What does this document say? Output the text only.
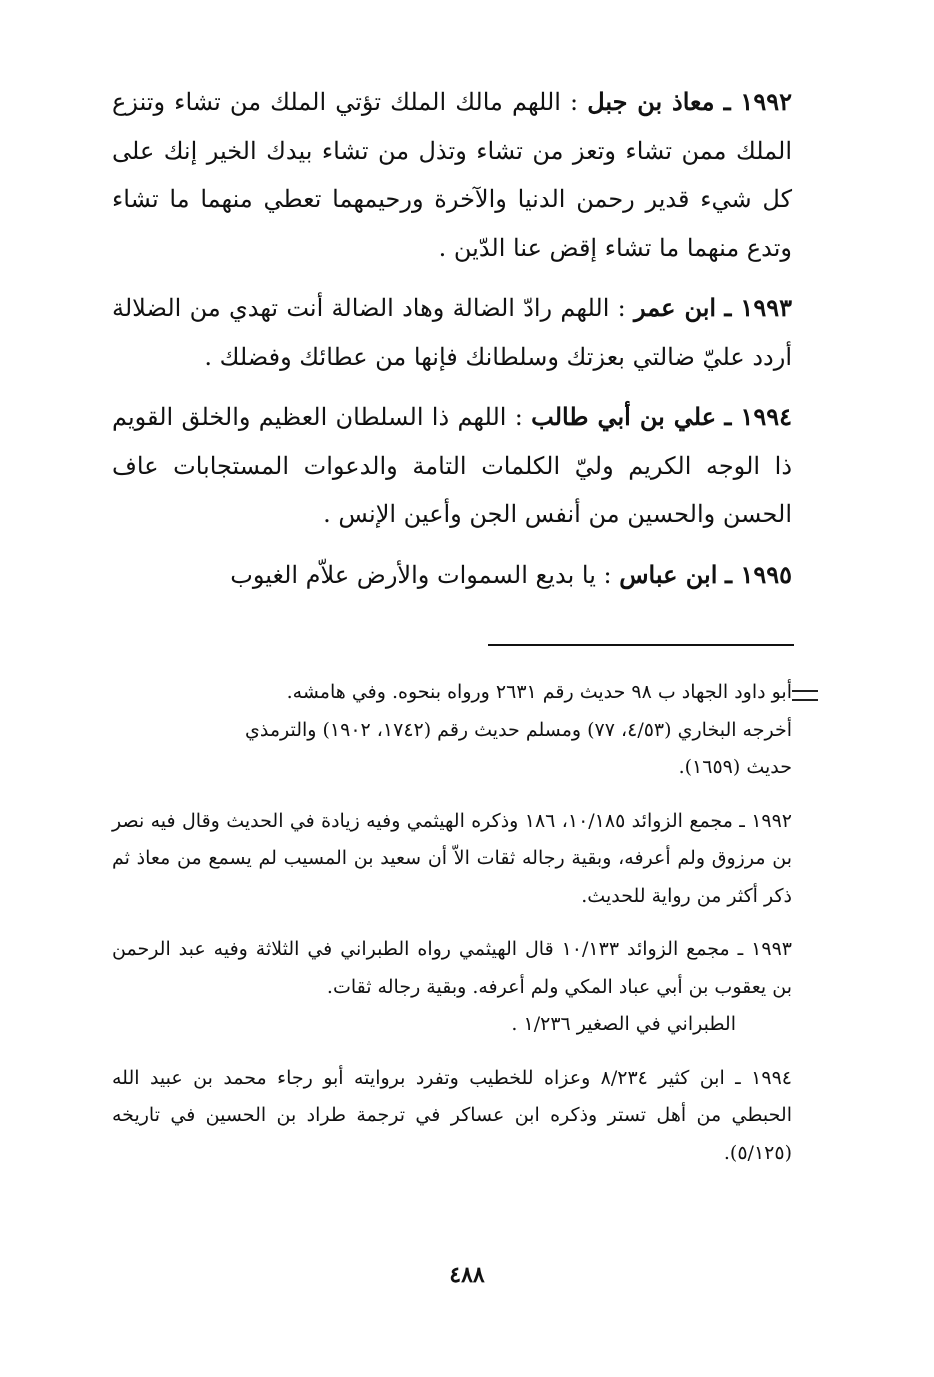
١٩٩٢ ـ معاذ بن جبل : اللهم مالك الملك تؤتي الملك من تشاء وتنزع الملك ممن تشاء وتعز من تشاء وتذل من تشاء بيدك الخير إنك على كل شيء قدير رحمن الدنيا والآخرة ورحيمهما تعطي منهما ما تشاء وتدع منهما ما تشاء إقض عنا الدّين .

١٩٩٣ ـ ابن عمر : اللهم رادّ الضالة وهاد الضالة أنت تهدي من الضلالة أردد عليّ ضالتي بعزتك وسلطانك فإنها من عطائك وفضلك .

١٩٩٤ ـ علي بن أبي طالب : اللهم ذا السلطان العظيم والخلق القويم ذا الوجه الكريم وليّ الكلمات التامة والدعوات المستجابات عاف الحسن والحسين من أنفس الجن وأعين الإنس .

١٩٩٥ ـ ابن عباس : يا بديع السموات والأرض علاّم الغيوب

أبو داود الجهاد ب ٩٨ حديث رقم ٢٦٣١ ورواه بنحوه. وفي هامشه.
أخرجه البخاري (٤/٥٣، ٧٧) ومسلم حديث رقم (١٧٤٢، ١٩٠٢) والترمذي
حديث (١٦٥٩).

١٩٩٢ ـ مجمع الزوائد ١٠/١٨٥، ١٨٦ وذكره الهيثمي وفيه زيادة في الحديث وقال فيه نصر بن مرزوق ولم أعرفه، وبقية رجاله ثقات الاّ أن سعيد بن المسيب لم يسمع من معاذ ثم ذكر أكثر من رواية للحديث.

١٩٩٣ ـ مجمع الزوائد ١٠/١٣٣ قال الهيثمي رواه الطبراني في الثلاثة وفيه عبد الرحمن بن يعقوب بن أبي عباد المكي ولم أعرفه. وبقية رجاله ثقات.
الطبراني في الصغير ١/٢٣٦ .

١٩٩٤ ـ ابن كثير ٨/٢٣٤ وعزاه للخطيب وتفرد بروايته أبو رجاء محمد بن عبيد الله الحبطي من أهل تستر وذكره ابن عساكر في ترجمة طراد بن الحسين في تاريخه (٥/١٢٥).

٤٨٨
